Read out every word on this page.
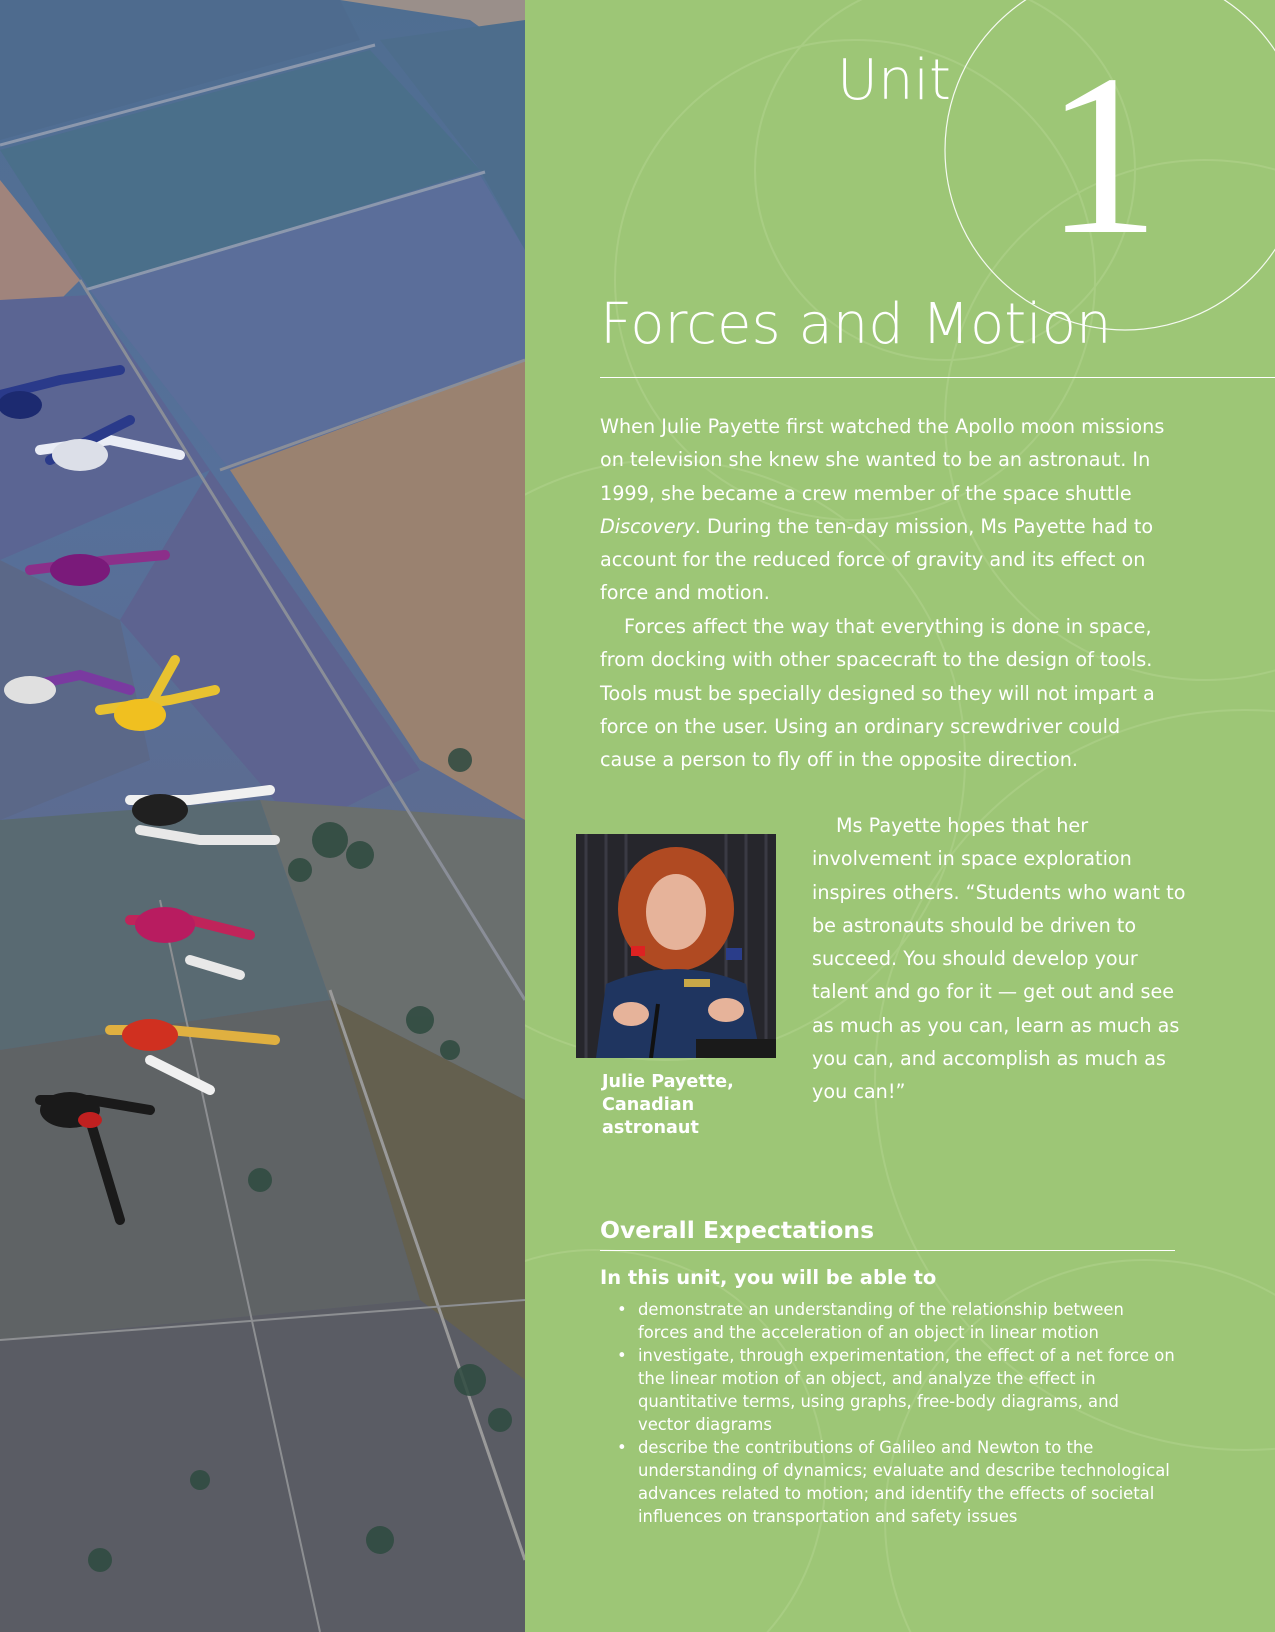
Unit 1
Forces and Motion

When Julie Payette first watched the Apollo moon missions on television she knew she wanted to be an astronaut. In 1999, she became a crew member of the space shuttle Discovery. During the ten-day mission, Ms Payette had to account for the reduced force of gravity and its effect on force and motion.

Forces affect the way that everything is done in space, from docking with other spacecraft to the design of tools. Tools must be specially designed so they will not impart a force on the user. Using an ordinary screwdriver could cause a person to fly off in the opposite direction.

Julie Payette,
Canadian
astronaut

Ms Payette hopes that her involvement in space exploration inspires others. “Students who want to be astronauts should be driven to succeed. You should develop your talent and go for it — get out and see as much as you can, learn as much as you can, and accomplish as much as you can!”

Overall Expectations
In this unit, you will be able to
• demonstrate an understanding of the relationship between forces and the acceleration of an object in linear motion
• investigate, through experimentation, the effect of a net force on the linear motion of an object, and analyze the effect in quantitative terms, using graphs, free-body diagrams, and vector diagrams
• describe the contributions of Galileo and Newton to the understanding of dynamics; evaluate and describe technological advances related to motion; and identify the effects of societal influences on transportation and safety issues
